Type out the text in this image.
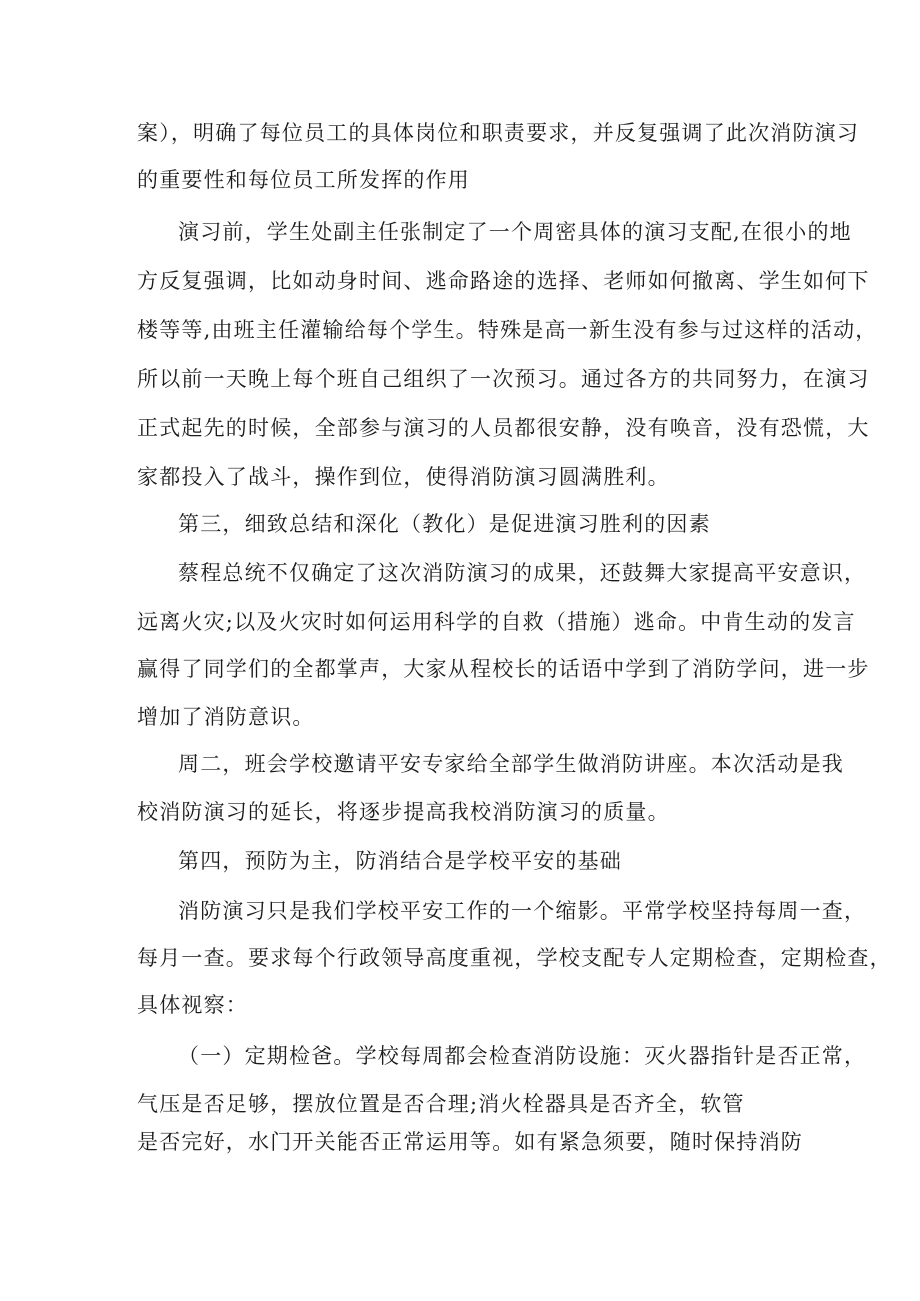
案），明确了每位员工的具体岗位和职责要求，并反复强调了此次消防演习
的重要性和每位员工所发挥的作用
演习前，学生处副主任张制定了一个周密具体的演习支配,在很小的地
方反复强调，比如动身时间、逃命路途的选择、老师如何撤离、学生如何下
楼等等,由班主任灌输给每个学生。特殊是高一新生没有参与过这样的活动，
所以前一天晚上每个班自己组织了一次预习。通过各方的共同努力，在演习
正式起先的时候，全部参与演习的人员都很安静，没有唤音，没有恐慌，大
家都投入了战斗，操作到位，使得消防演习圆满胜利。
第三，细致总结和深化（教化）是促进演习胜利的因素
蔡程总统不仅确定了这次消防演习的成果，还鼓舞大家提高平安意识，
远离火灾;以及火灾时如何运用科学的自救（措施）逃命。中肯生动的发言
赢得了同学们的全都掌声，大家从程校长的话语中学到了消防学问，进一步
增加了消防意识。
周二，班会学校邀请平安专家给全部学生做消防讲座。本次活动是我
校消防演习的延长，将逐步提高我校消防演习的质量。
第四，预防为主，防消结合是学校平安的基础
消防演习只是我们学校平安工作的一个缩影。平常学校坚持每周一查，
每月一查。要求每个行政领导高度重视，学校支配专人定期检查，定期检查，
具体视察：
（一）定期检爸。学校每周都会检查消防设施：灭火器指针是否正常，
气压是否足够，摆放位置是否合理;消火栓器具是否齐全，软管
是否完好，水门开关能否正常运用等。如有紧急须要，随时保持消防
